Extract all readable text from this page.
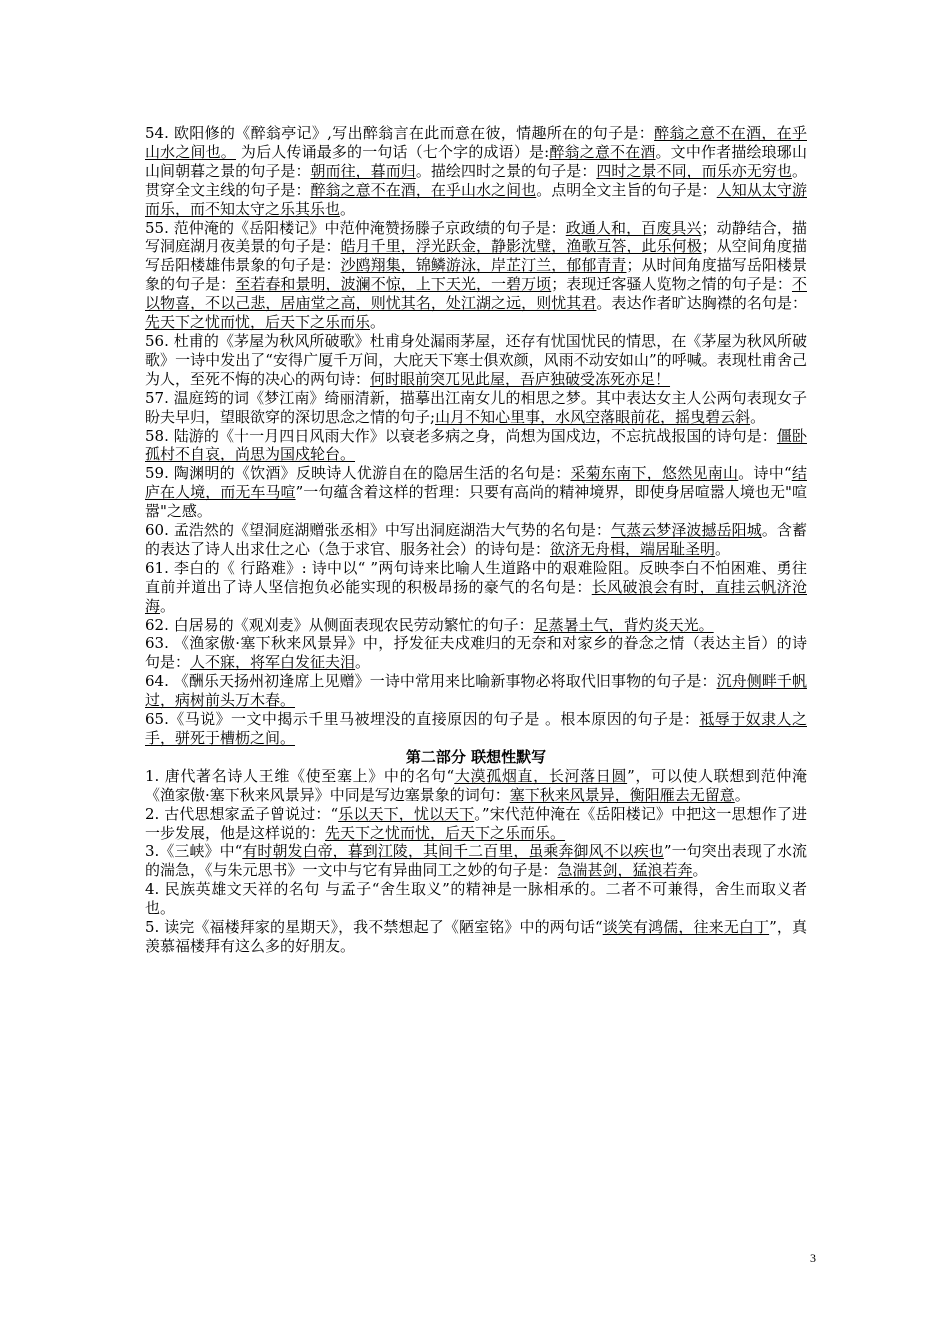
54. 欧阳修的《醉翁亭记》,写出醉翁言在此而意在彼，情趣所在的句子是：醉翁之意不在酒，在乎山水之间也。 为后人传诵最多的一句话（七个字的成语）是:醉翁之意不在酒。文中作者描绘琅琊山山间朝暮之景的句子是：朝而往，暮而归。描绘四时之景的句子是：四时之景不同，而乐亦无穷也。贯穿全文主线的句子是：醉翁之意不在酒，在乎山水之间也。点明全文主旨的句子是：人知从太守游而乐，而不知太守之乐其乐也。

55. 范仲淹的《岳阳楼记》中范仲淹赞扬滕子京政绩的句子是：政通人和，百废具兴；动静结合，描写洞庭湖月夜美景的句子是：皓月千里，浮光跃金，静影沈璧，渔歌互答，此乐何极；从空间角度描写岳阳楼雄伟景象的句子是：沙鸥翔集，锦鳞游泳，岸芷汀兰，郁郁青青；从时间角度描写岳阳楼景象的句子是：至若春和景明，波澜不惊，上下天光，一碧万顷；表现迁客骚人览物之情的句子是：不以物喜，不以己悲，居庙堂之高，则忧其名，处江湖之远，则忧其君。表达作者旷达胸襟的名句是：先天下之忧而忧，后天下之乐而乐。

56. 杜甫的《茅屋为秋风所破歌》杜甫身处漏雨茅屋，还存有忧国忧民的情思，在《茅屋为秋风所破歌》一诗中发出了“安得广厦千万间，大庇天下寒士俱欢颜，风雨不动安如山”的呼喊。表现杜甫舍己为人，至死不悔的决心的两句诗：何时眼前突兀见此屋，吾庐独破受冻死亦足！

57. 温庭筠的词《梦江南》绮丽清新，描摹出江南女儿的相思之梦。其中表达女主人公两句表现女子盼夫早归，望眼欲穿的深切思念之情的句子;山月不知心里事，水风空落眼前花，摇曳碧云斜。

58. 陆游的《十一月四日风雨大作》以衰老多病之身，尚想为国戍边，不忘抗战报国的诗句是：僵卧孤村不自哀，尚思为国戍轮台。

59. 陶渊明的《饮酒》反映诗人优游自在的隐居生活的名句是：采菊东南下，悠然见南山。诗中“结庐在人境，而无车马喧”一句蕴含着这样的哲理：只要有高尚的精神境界，即使身居喧嚣人境也无"喧嚣"之感。

60. 孟浩然的《望洞庭湖赠张丞相》中写出洞庭湖浩大气势的名句是：气蒸云梦泽波撼岳阳城。含蓄的表达了诗人出求仕之心（急于求官、服务社会）的诗句是：欲济无舟楫，端居耻圣明。

61. 李白的《 行路难》: 诗中以“ ”两句诗来比喻人生道路中的艰难险阻。反映李白不怕困难、勇往直前并道出了诗人坚信抱负必能实现的积极昂扬的豪气的名句是：长风破浪会有时，直挂云帆济沧海。

62. 白居易的《观刈麦》从侧面表现农民劳动繁忙的句子：足蒸暑土气，背灼炎天光。

63. 《渔家傲·塞下秋来风景异》中，抒发征夫戍难归的无奈和对家乡的眷念之情（表达主旨）的诗句是：人不寐，将军白发征夫泪。

64. 《酬乐天扬州初逢席上见赠》一诗中常用来比喻新事物必将取代旧事物的句子是：沉舟侧畔千帆过，病树前头万木春。

65.《马说》一文中揭示千里马被埋没的直接原因的句子是 。根本原因的句子是：祗辱于奴隶人之手，骈死于槽枥之间。

第二部分 联想性默写

1. 唐代著名诗人王维《使至塞上》中的名句“大漠孤烟直，长河落日圆”，可以使人联想到范仲淹《渔家傲·塞下秋来风景异》中同是写边塞景象的词句：塞下秋来风景异，衡阳雁去无留意。

2. 古代思想家孟子曾说过：“乐以天下，忧以天下。”宋代范仲淹在《岳阳楼记》中把这一思想作了进一步发展，他是这样说的：先天下之忧而忧，后天下之乐而乐。

3.《三峡》中“有时朝发白帝，暮到江陵，其间千二百里，虽乘奔御风不以疾也”一句突出表现了水流的湍急，《与朱元思书》一文中与它有异曲同工之妙的句子是：急湍甚剑，猛浪若奔。

4. 民族英雄文天祥的名句 与孟子“舍生取义”的精神是一脉相承的。二者不可兼得，舍生而取义者也。

5. 读完《福楼拜家的星期天》，我不禁想起了《陋室铭》中的两句话“谈笑有鸿儒，往来无白丁”，真羡慕福楼拜有这么多的好朋友。

3
